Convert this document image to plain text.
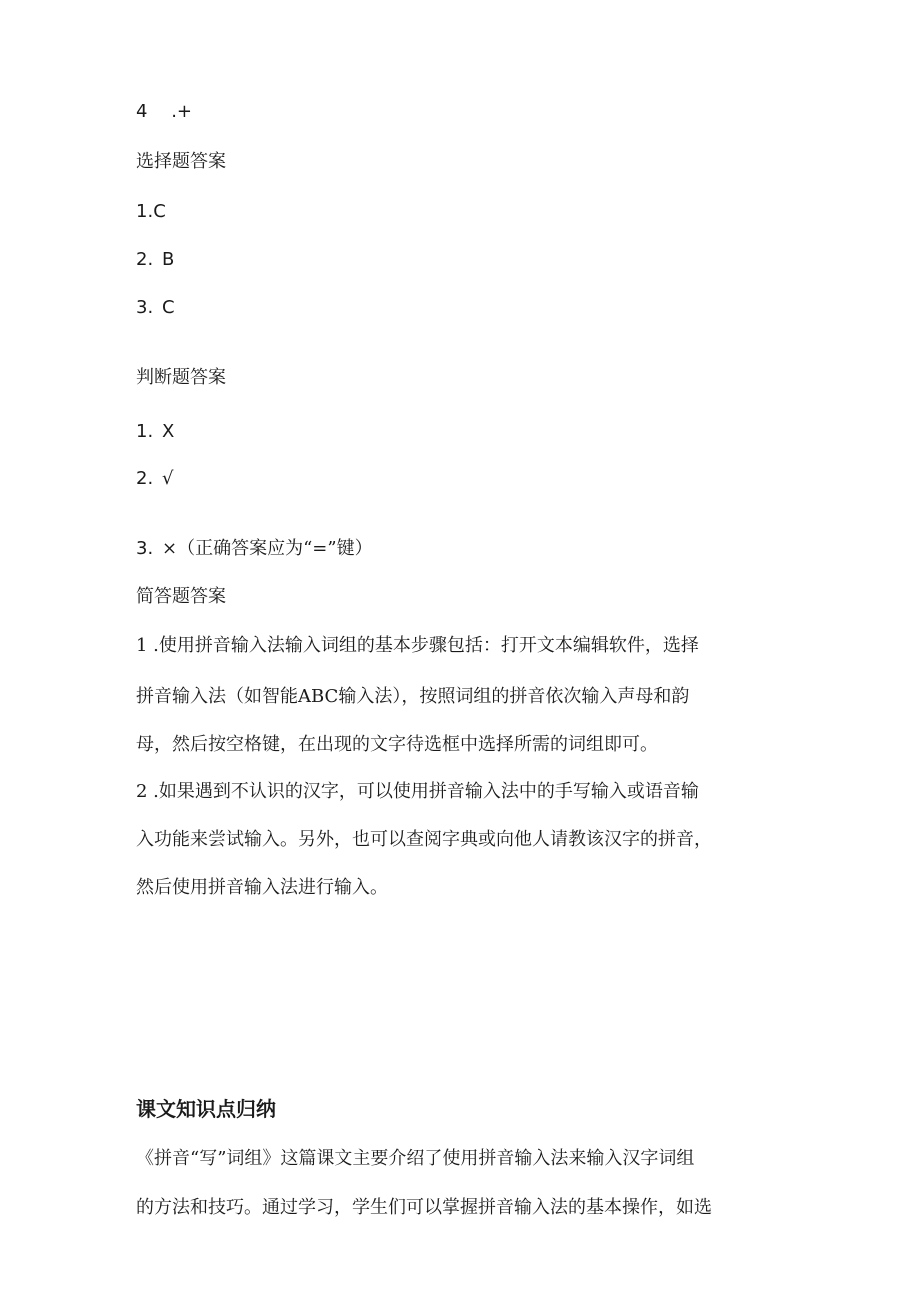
4 .+
选择题答案
1.C
2. B
3. C
判断题答案
1. X
2. √
3. ×（正确答案应为“=”键）
简答题答案
1 .使用拼音输入法输入词组的基本步骤包括：打开文本编辑软件，选择
拼音输入法（如智能ABC输入法），按照词组的拼音依次输入声母和韵
母，然后按空格键，在出现的文字待选框中选择所需的词组即可。
2 .如果遇到不认识的汉字，可以使用拼音输入法中的手写输入或语音输
入功能来尝试输入。另外，也可以查阅字典或向他人请教该汉字的拼音，
然后使用拼音输入法进行输入。
课文知识点归纳
《拼音“写”词组》这篇课文主要介绍了使用拼音输入法来输入汉字词组
的方法和技巧。通过学习，学生们可以掌握拼音输入法的基本操作，如选
